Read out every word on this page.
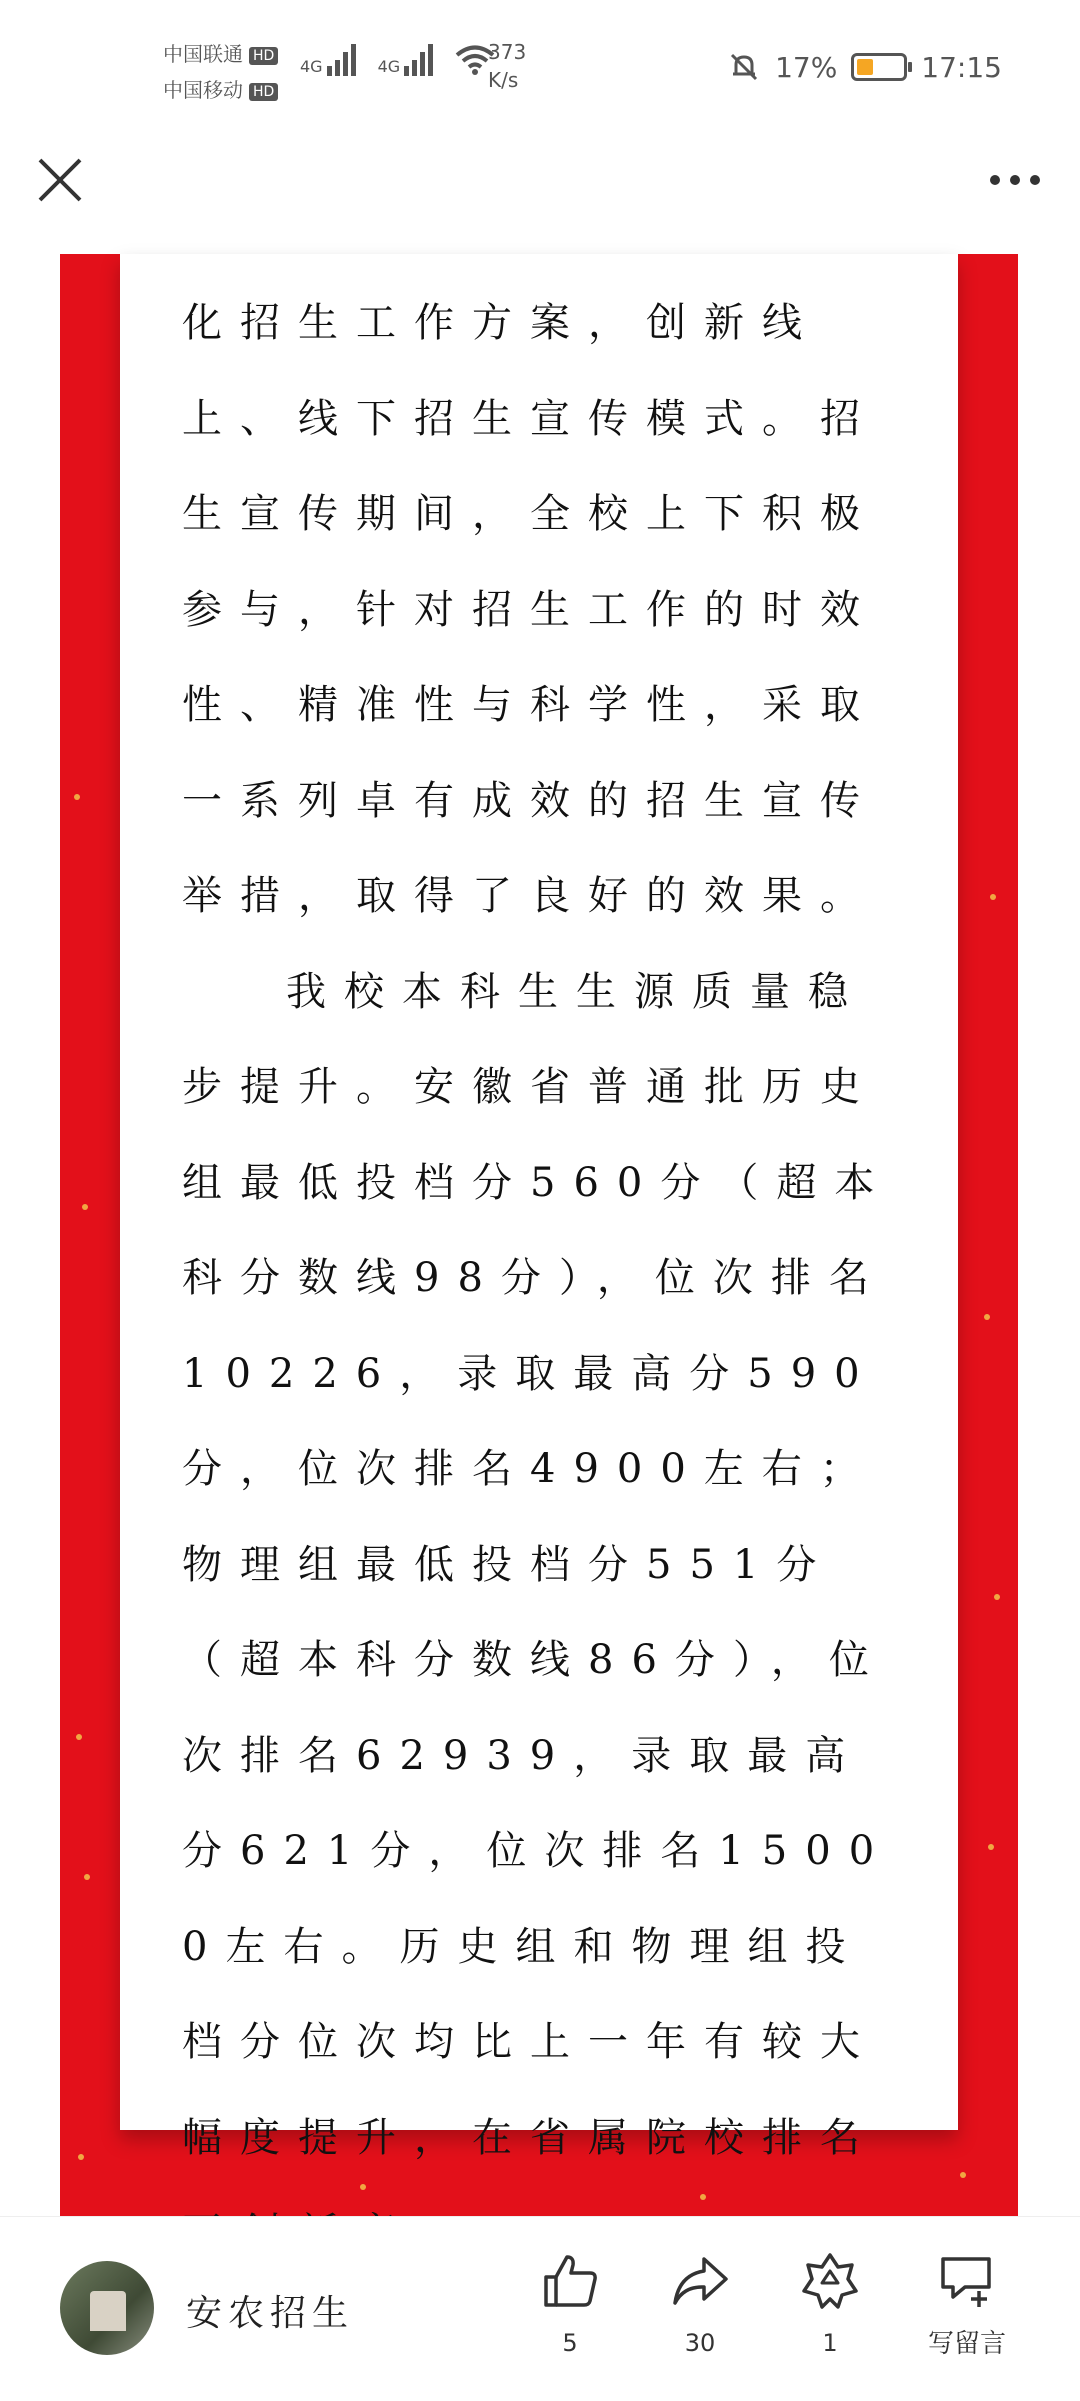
中国联通 HD
中国移动 HD
4G	4G
373
K/s	17%	17:15

化招生工作方案，创新线上、线下招生宣传模式。招生宣传期间，全校上下积极参与，针对招生工作的时效性、精准性与科学性，采取一系列卓有成效的招生宣传举措，取得了良好的效果。

我校本科生生源质量稳步提升。安徽省普通批历史组最低投档分560分（超本科分数线98分），位次排名10226，录取最高分590分，位次排名4900左右；物理组最低投档分551分（超本科分数线86分），位次排名62939，录取最高分621分，位次排名15000左右。历史组和物理组投档分位次均比上一年有较大幅度提升，在省属院校排名

安农招生
5	30	1	写留言
